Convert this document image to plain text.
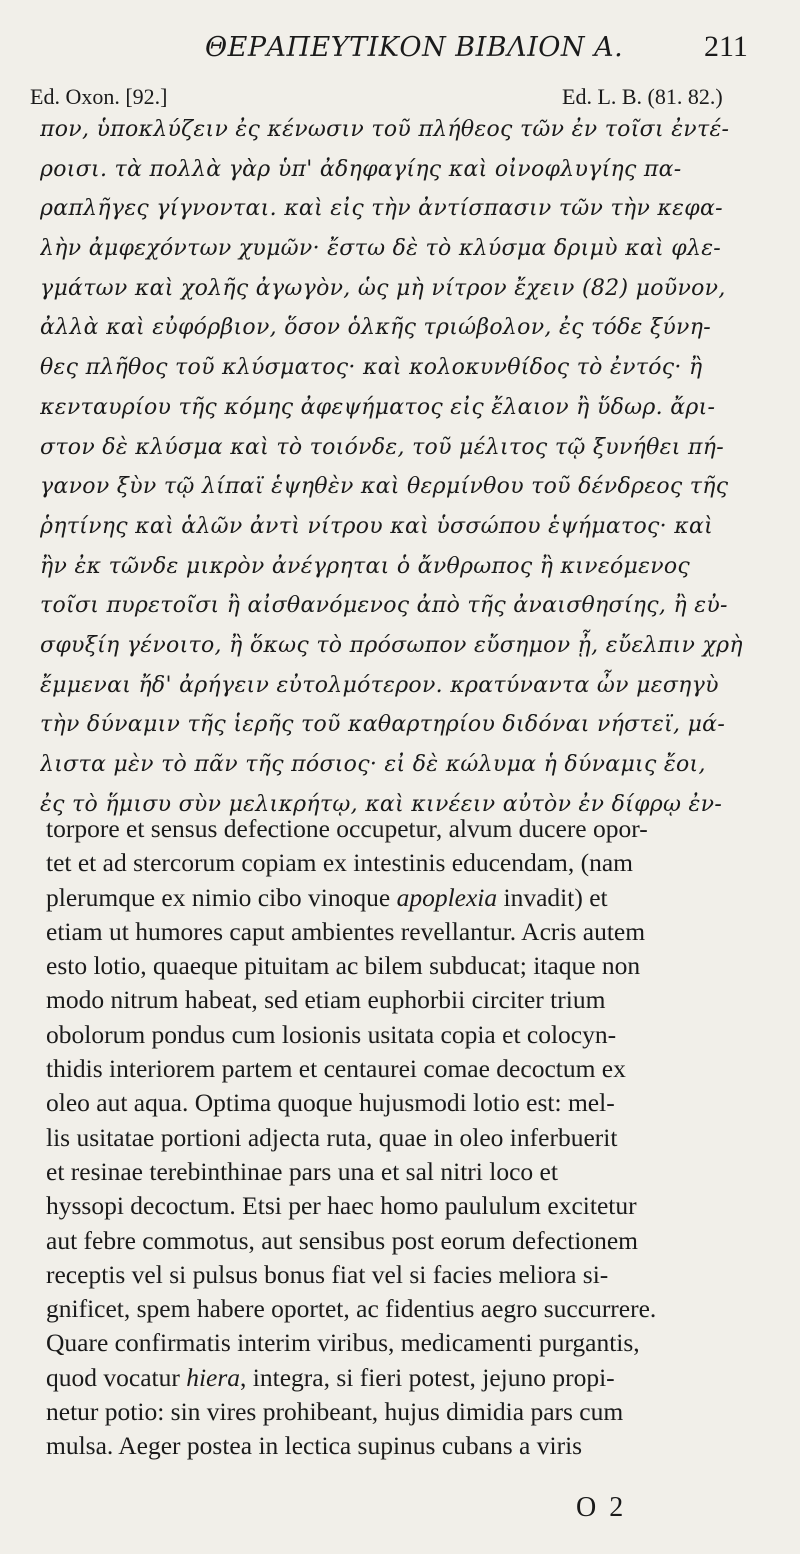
ΘΕΡΑΠΕΥΤΙΚΟΝ ΒΙΒΛΙΟΝ Α.	211
Ed. Oxon. [92.]	Ed. L. B. (81. 82.)
πον, ὑποκλύζειν ἐς κένωσιν τοῦ πλήθεος τῶν ἐν τοῖσι ἐντέ-
ροισι. τὰ πολλὰ γὰρ ὑπ' ἀδηφαγίης καὶ οἰνοφλυγίης πα-
ραπλῆγες γίγνονται. καὶ εἰς τὴν ἀντίσπασιν τῶν τὴν κεφα-
λὴν ἀμφεχόντων χυμῶν· ἔστω δὲ τὸ κλύσμα δριμὺ καὶ φλε-
γμάτων καὶ χολῆς ἀγωγὸν, ὡς μὴ νίτρον ἔχειν (82) μοῦνον,
ἀλλὰ καὶ εὐφόρβιον, ὅσον ὁλκῆς τριώβολον, ἐς τόδε ξύνη-
θες πλῆθος τοῦ κλύσματος· καὶ κολοκυνθίδος τὸ ἐντός· ἢ
κενταυρίου τῆς κόμης ἀφεψήματος εἰς ἔλαιον ἢ ὕδωρ. ἄρι-
στον δὲ κλύσμα καὶ τὸ τοιόνδε, τοῦ μέλιτος τῷ ξυνήθει πή-
γανον ξὺν τῷ λίπαϊ ἑψηθὲν καὶ θερμίνθου τοῦ δένδρεος τῆς
ῥητίνης καὶ ἁλῶν ἀντὶ νίτρου καὶ ὑσσώπου ἑψήματος· καὶ
ἢν ἐκ τῶνδε μικρὸν ἀνέγρηται ὁ ἄνθρωπος ἢ κινεόμενος
τοῖσι πυρετοῖσι ἢ αἰσθανόμενος ἀπὸ τῆς ἀναισθησίης, ἢ εὐ-
σφυξίη γένοιτο, ἢ ὅκως τὸ πρόσωπον εὔσημον ᾖ, εὔελπιν χρὴ
ἔμμεναι ἤδ' ἀρήγειν εὐτολμότερον. κρατύναντα ὦν μεσηγὺ
τὴν δύναμιν τῆς ἱερῆς τοῦ καθαρτηρίου διδόναι νήστεϊ, μά-
λιστα μὲν τὸ πᾶν τῆς πόσιος· εἰ δὲ κώλυμα ἡ δύναμις ἔοι,
ἐς τὸ ἥμισυ σὺν μελικρήτῳ, καὶ κινέειν αὐτὸν ἐν δίφρῳ ἐν-
torpore et sensus defectione occupetur, alvum ducere opor-
tet et ad stercorum copiam ex intestinis educendam, (nam
plerumque ex nimio cibo vinoque apoplexia invadit) et
etiam ut humores caput ambientes revellantur. Acris autem
esto lotio, quaeque pituitam ac bilem subducat; itaque non
modo nitrum habeat, sed etiam euphorbii circiter trium
obolorum pondus cum losionis usitata copia et colocyn-
thidis interiorem partem et centaurei comae decoctum ex
oleo aut aqua. Optima quoque hujusmodi lotio est: mel-
lis usitatae portioni adjecta ruta, quae in oleo inferbuerit
et resinae terebinthinae pars una et sal nitri loco et
hyssopi decoctum. Etsi per haec homo paululum excitetur
aut febre commotus, aut sensibus post eorum defectionem
receptis vel si pulsus bonus fiat vel si facies meliora si-
gnificet, spem habere oportet, ac fidentius aegro succurrere.
Quare confirmatis interim viribus, medicamenti purgantis,
quod vocatur hiera, integra, si fieri potest, jejuno propi-
netur potio: sin vires prohibeant, hujus dimidia pars cum
mulsa. Aeger postea in lectica supinus cubans a viris
O 2
